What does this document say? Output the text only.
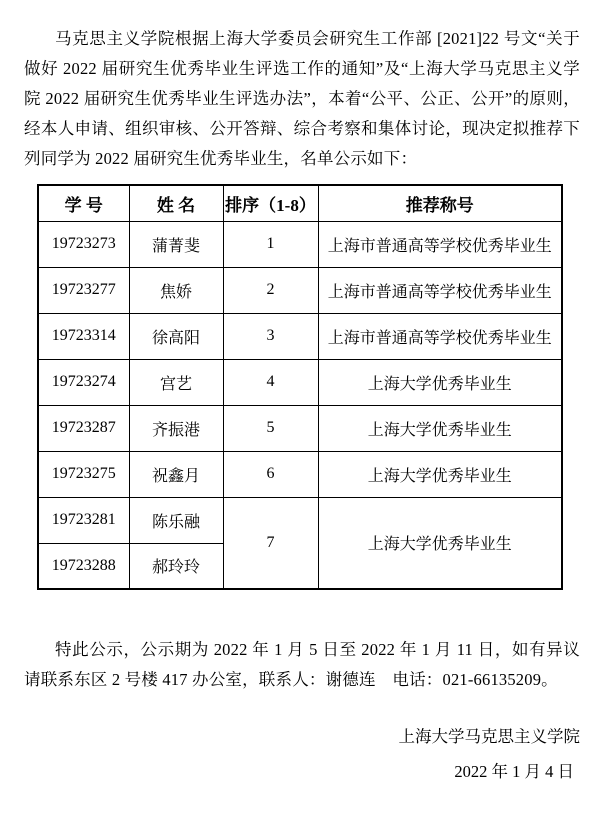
马克思主义学院根据上海大学委员会研究生工作部 [2021]22 号文“关于做好 2022 届研究生优秀毕业生评选工作的通知”及“上海大学马克思主义学院 2022 届研究生优秀毕业生评选办法”，本着“公平、公正、公开”的原则，经本人申请、组织审核、公开答辩、综合考察和集体讨论，现决定拟推荐下列同学为 2022 届研究生优秀毕业生，名单公示如下：

学 号	姓 名	排序（1-8）	推荐称号
19723273	蒲菁斐	1	上海市普通高等学校优秀毕业生
19723277	焦娇	2	上海市普通高等学校优秀毕业生
19723314	徐高阳	3	上海市普通高等学校优秀毕业生
19723274	宫艺	4	上海大学优秀毕业生
19723287	齐振港	5	上海大学优秀毕业生
19723275	祝鑫月	6	上海大学优秀毕业生
19723281	陈乐融	7	上海大学优秀毕业生
19723288	郝玲玲		

特此公示，公示期为 2022 年 1 月 5 日至 2022 年 1 月 11 日，如有异议请联系东区 2 号楼 417 办公室，联系人：谢德连　电话：021-66135209。

上海大学马克思主义学院
2022 年 1 月 4 日
